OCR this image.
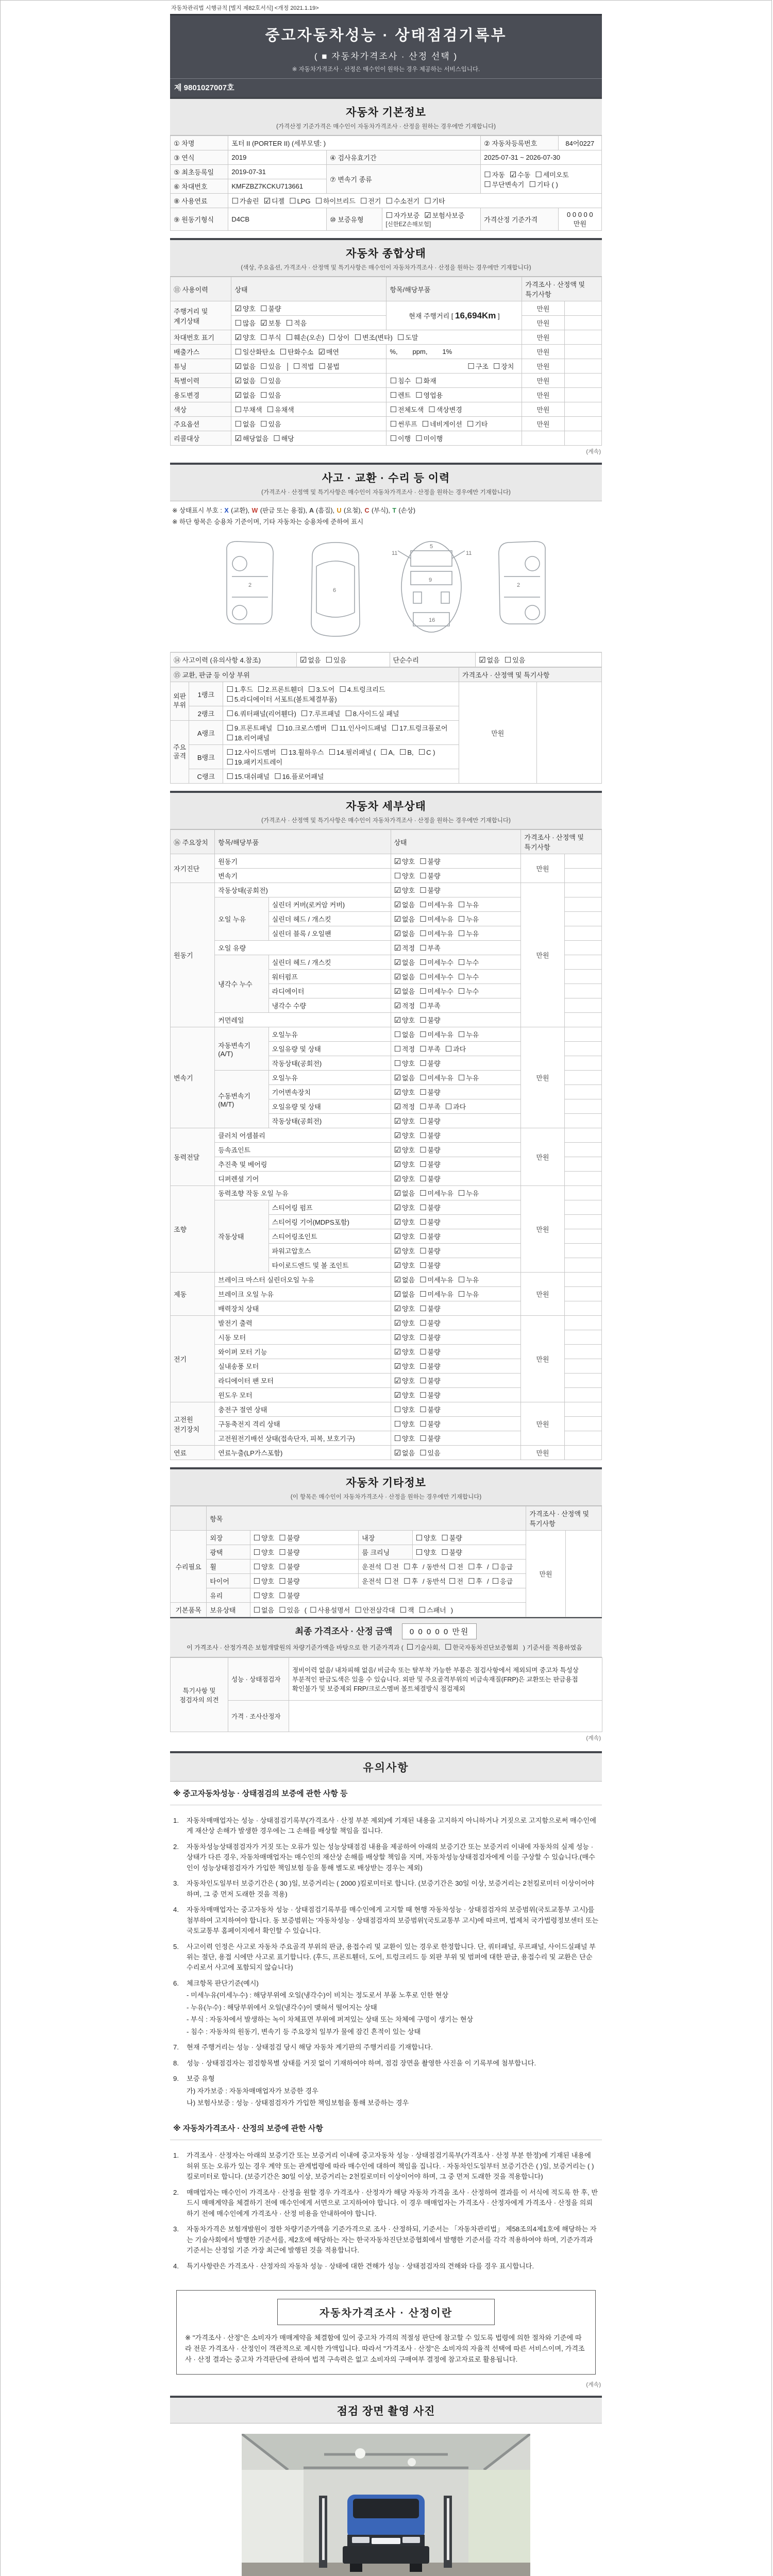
자동차관리법 시행규칙 [별지 제82호서식] <개정 2021.1.19>
중고자동차성능 · 상태점검기록부
( ■ 자동차가격조사 · 산정 선택 )
※ 자동차가격조사 · 산정은 매수인이 원하는 경우 제공하는 서비스입니다.
제 9801027007호
자동차 기본정보
(가격산정 기준가격은 매수인이 자동차가격조사 · 산정을 원하는 경우에만 기재합니다)
① 차명	포터 II (PORTER II) (세부모델: )			② 자동차등록번호	84어0227
③ 연식	2019	④ 검사유효기간		2025-07-31 ~ 2026-07-30	
⑤ 최초등록일	2019-07-31	⑦ 변속기 종류		☐ 자동 ☑ 수동 ☐ 세미오토☐ 무단변속기 ☐ 기타 ( )	
⑥ 차대번호	KMFZBZ7KCKU713661				
⑧ 사용연료	☐ 가솔린 ☑ 디젤 ☐ LPG ☐ 하이브리드 ☐ 전기 ☐ 수소전기 ☐ 기타				
⑨ 원동기형식	D4CB	⑩ 보증유형	☐ 자가보증 ☑ 보험사보증 [신한EZ손해보험]	가격산정 기준가격	0 0 0 0 0 만원
자동차 종합상태
(색상, 주요옵션, 가격조사 · 산정액 및 특기사항은 매수인이 자동차가격조사 · 산정을 원하는 경우에만 기재합니다)
⑪ 사용이력	상태	항목/해당부품	가격조사 · 산정액 및 특기사항	
주행거리 및 계기상태	☑ 양호 ☐ 불량	현재 주행거리 [ 16,694Km ]	만원	
	☐ 많음 ☑ 보통 ☐ 적음		만원	
차대번호 표기	☑ 양호 ☐ 부식 ☐ 훼손(오손) ☐ 상이 ☐ 변조(변타) ☐ 도말		만원	
배출가스	☐ 일산화탄소 ☐ 탄화수소 ☑ 매연	%,        ppm,        1%	만원	
튜닝	☑ 없음 ☐ 있음 │ ☐ 적법 ☐ 불법	☐ 구조 ☐ 장치	만원	
특별이력	☑ 없음 ☐ 있음	☐ 침수 ☐ 화재	만원	
용도변경	☑ 없음 ☐ 있음	☐ 렌트 ☐ 영업용	만원	
색상	☐ 무채색 ☐ 유채색	☐ 전체도색 ☐ 색상변경	만원	
주요옵션	☐ 없음 ☐ 있음	☐ 썬루프 ☐ 네비게이션 ☐ 기타	만원	
리콜대상	☑ 해당없음 ☐ 해당	☐ 이행 ☐ 미이행		
(계속)
사고 · 교환 · 수리 등 이력
(가격조사 · 산정액 및 특기사항은 매수인이 자동차가격조사 · 산정을 원하는 경우에만 기재합니다)
※ 상태표시 부호 : X (교환), W (판금 또는 용접), A (흠집), U (요철), C (부식), T (손상)
※ 하단 항목은 승용차 기준이며, 기타 자동차는 승용차에 준하여 표시
2
6
5
9
11	11
16
2
⑭ 사고이력 (유의사항 4.참조)	☑ 없음 ☐ 있음	단순수리	☑ 없음 ☐ 있음
⑮ 교환, 판금 등 이상 부위			가격조사 · 산정액 및 특기사항	
외판부위	1랭크	☐ 1.후드 ☐ 2.프론트휀더 ☐ 3.도어 ☐ 4.트렁크리드☐ 5.라디에이터 서포트(볼트체결부품)	만원	
	2랭크	☐ 6.쿼터패널(리어휀다) ☐ 7.루프패널 ☐ 8.사이드실 패널		
주요골격	A랭크	☐ 9.프론트패널 ☐ 10.크로스멤버 ☐ 11.인사이드패널 ☐ 17.트렁크플로어☐ 18.리어패널		
	B랭크	☐ 12.사이드멤버 ☐ 13.휠하우스 ☐ 14.필러패널 ( ☐ A, ☐ B, ☐ C )☐ 19.패키지트레이		
	C랭크	☐ 15.대쉬패널 ☐ 16.플로어패널		
자동차 세부상태
(가격조사 · 산정액 및 특기사항은 매수인이 자동차가격조사 · 산정을 원하는 경우에만 기재합니다)
⑯ 주요장치	항목/해당부품		상태	가격조사 · 산정액 및 특기사항	
자기진단	원동기		☑ 양호 ☐ 불량	만원	
	변속기		☐ 양호 ☐ 불량		
원동기	작동상태(공회전)		☑ 양호 ☐ 불량	만원	
	오일 누유	실린더 커버(로커암 커버)	☑ 없음 ☐ 미세누유 ☐ 누유		
		실린더 헤드 / 개스킷	☑ 없음 ☐ 미세누유 ☐ 누유		
		실린더 블록 / 오일팬	☑ 없음 ☐ 미세누유 ☐ 누유		
	오일 유량		☑ 적정 ☐ 부족		
	냉각수 누수	실린더 헤드 / 개스킷	☑ 없음 ☐ 미세누수 ☐ 누수		
		워터펌프	☑ 없음 ☐ 미세누수 ☐ 누수		
		라디에이터	☑ 없음 ☐ 미세누수 ☐ 누수		
		냉각수 수량	☑ 적정 ☐ 부족		
	커먼레일		☑ 양호 ☐ 불량		
변속기	자동변속기 (A/T)	오일누유	☐ 없음 ☐ 미세누유 ☐ 누유	만원	
		오일유량 및 상태	☐ 적정 ☐ 부족 ☐ 과다		
		작동상태(공회전)	☐ 양호 ☐ 불량		
	수동변속기 (M/T)	오일누유	☑ 없음 ☐ 미세누유 ☐ 누유		
		기어변속장치	☑ 양호 ☐ 불량		
		오일유량 및 상태	☑ 적정 ☐ 부족 ☐ 과다		
		작동상태(공회전)	☑ 양호 ☐ 불량		
동력전달	클러치 어셈블리		☑ 양호 ☐ 불량	만원	
	등속죠인트		☑ 양호 ☐ 불량		
	추진축 및 베어링		☑ 양호 ☐ 불량		
	디퍼렌셜 기어		☑ 양호 ☐ 불량		
조향	동력조향 작동 오일 누유		☑ 없음 ☐ 미세누유 ☐ 누유	만원	
	작동상태	스티어링 펌프	☑ 양호 ☐ 불량		
		스티어링 기어(MDPS포함)	☑ 양호 ☐ 불량		
		스티어링조인트	☑ 양호 ☐ 불량		
		파워고압호스	☑ 양호 ☐ 불량		
		타이로드엔드 및 볼 조인트	☑ 양호 ☐ 불량		
제동	브레이크 마스터 실린더오일 누유		☑ 없음 ☐ 미세누유 ☐ 누유	만원	
	브레이크 오일 누유		☑ 없음 ☐ 미세누유 ☐ 누유		
	배력장치 상태		☑ 양호 ☐ 불량		
전기	발전기 출력		☑ 양호 ☐ 불량	만원	
	시동 모터		☑ 양호 ☐ 불량		
	와이퍼 모터 기능		☑ 양호 ☐ 불량		
	실내송풍 모터		☑ 양호 ☐ 불량		
	라디에이터 팬 모터		☑ 양호 ☐ 불량		
	윈도우 모터		☑ 양호 ☐ 불량		
고전원 전기장치	충전구 절연 상태		☐ 양호 ☐ 불량	만원	
	구동축전지 격리 상태		☐ 양호 ☐ 불량		
	고전원전기배선 상태(접속단자, 피복, 보호기구)		☐ 양호 ☐ 불량		
연료	연료누출(LP가스포함)		☑ 없음 ☐ 있음	만원	
자동차 기타정보
(이 항목은 매수인이 자동차가격조사 · 산정을 원하는 경우에만 기재합니다)
	항목				가격조사 · 산정액 및 특기사항	
수리필요	외장	☐ 양호 ☐ 불량	내장	☐ 양호 ☐ 불량	만원	
	광택	☐ 양호 ☐ 불량	룸 크리닝	☐ 양호 ☐ 불량		
	휠	☐ 양호 ☐ 불량	운전석 ☐ 전 ☐ 후 / 동반석 ☐ 전 ☐ 후 / ☐ 응급			
	타이어	☐ 양호 ☐ 불량	운전석 ☐ 전 ☐ 후 / 동반석 ☐ 전 ☐ 후 / ☐ 응급			
	유리	☐ 양호 ☐ 불량				
기본품목	보유상태	☐ 없음 ☐ 있음 ( ☐ 사용설명서 ☐ 안전삼각대 ☐ 잭 ☐ 스패너 )				
최종 가격조사 · 산정 금액 0 0 0 0 0 만원
이 가격조사 · 산정가격은 보험개발원의 차량기준가액을 바탕으로 한 기준가격과 ( ☐ 기술사회, ☐ 한국자동차진단보증협회 ) 기준서를 적용하였음
특기사항 및 점검자의 의견	성능 · 상태점검자	정비이력 없음/ 내차피해 없음/ 비금속 또는 탈부착 가능한 부품은 점검사항에서 제외되며 중고차 특성상 부분적인 판금도색은 있을 수 있습니다. 외판 및 주요골격부위의 비금속재질(FRP)은 교환또는 판금용접 확인불가 및 보증제외 FRP/크로스멤버 볼트체결방식 점검제외
	가격 · 조사산정자	
(계속)
유의사항
※ 중고자동차성능 · 상태점검의 보증에 관한 사항 등
1.	자동차매매업자는 성능 · 상태점검기록부(가격조사 · 산정 부분 제외)에 기재된 내용을 고지하지 아니하거나 거짓으로 고지함으로써 매수인에게 재산상 손해가 발생한 경우에는 그 손해를 배상할 책임을 집니다.
2.	자동차성능상태점검자가 거짓 또는 오류가 있는 성능상태점검 내용을 제공하여 아래의 보증기간 또는 보증거리 이내에 자동차의 실제 성능 · 상태가 다른 경우, 자동차매매업자는 매수인의 재산상 손해를 배상할 책임을 지며, 자동차성능상태점검자에게 이를 구상할 수 있습니다.(매수인이 성능상태점검자가 가입한 책임보험 등을 통해 별도로 배상받는 경우는 제외)
3.	자동차인도일부터 보증기간은 ( 30 )일, 보증거리는 ( 2000 )킬로미터로 합니다. (보증기간은 30일 이상, 보증거리는 2천킬로미터 이상이어야 하며, 그 중 먼저 도래한 것을 적용)
4.	자동차매매업자는 중고자동차 성능 · 상태점검기록부를 매수인에게 고지할 때 현행 자동차성능 · 상태점검자의 보증범위(국토교통부 고시)를 첨부하여 고지하여야 합니다. 동 보증범위는 '자동차성능 · 상태점검자의 보증범위'(국토교통부 고시)에 따르며, 법제처 국가법령정보센터 또는 국토교통부 홈페이지에서 확인할 수 있습니다.
5.	사고이력 인정은 사고로 자동차 주요골격 부위의 판금, 용접수리 및 교환이 있는 경우로 한정합니다. 단, 쿼터패널, 루프패널, 사이드실패널 부위는 절단, 용접 시에만 사고로 표기합니다. (후드, 프론트휀더, 도어, 트렁크리드 등 외판 부위 및 범퍼에 대한 판금, 용접수리 및 교환은 단순수리로서 사고에 포함되지 않습니다)
6.	체크항목 판단기준(예시)
- 미세누유(미세누수) : 해당부위에 오일(냉각수)이 비치는 정도로서 부품 노후로 인한 현상
- 누유(누수) : 해당부위에서 오일(냉각수)이 맺혀서 떨어지는 상태
- 부식 : 자동차에서 발생하는 녹이 차체표면 부위에 퍼져있는 상태 또는 차체에 구멍이 생기는 현상
- 침수 : 자동차의 원동기, 변속기 등 주요장치 일부가 물에 잠긴 흔적이 있는 상태
7.	현재 주행거리는 성능 · 상태점검 당시 해당 자동차 계기판의 주행거리를 기재합니다.
8.	성능 · 상태점검자는 점검항목별 상태를 거짓 없이 기재하여야 하며, 점검 장면을 촬영한 사진을 이 기록부에 첨부합니다.
9.	보증 유형
가) 자가보증 : 자동차매매업자가 보증한 경우
나) 보험사보증 : 성능 · 상태점검자가 가입한 책임보험을 통해 보증하는 경우
※ 자동차가격조사 · 산정의 보증에 관한 사항
1.	가격조사 · 산정자는 아래의 보증기간 또는 보증거리 이내에 중고자동차 성능 · 상태점검기록부(가격조사 · 산정 부분 한정)에 기재된 내용에 허위 또는 오류가 있는 경우 계약 또는 관계법령에 따라 매수인에 대하여 책임을 집니다. · 자동차인도일부터 보증기간은 ( )일, 보증거리는 ( )킬로미터로 합니다. (보증기간은 30일 이상, 보증거리는 2천킬로미터 이상이어야 하며, 그 중 먼저 도래한 것을 적용합니다)
2.	매매업자는 매수인이 가격조사 · 산정을 원할 경우 가격조사 · 산정자가 해당 자동차 가격을 조사 · 산정하여 결과를 이 서식에 적도록 한 후, 반드시 매매계약을 체결하기 전에 매수인에게 서면으로 고지하여야 합니다. 이 경우 매매업자는 가격조사 · 산정자에게 가격조사 · 산정을 의뢰하기 전에 매수인에게 가격조사 · 산정 비용을 안내하여야 합니다.
3.	자동차가격은 보험개발원이 정한 차량기준가액을 기준가격으로 조사 · 산정하되, 기준서는 「자동차관리법」 제58조의4제1호에 해당하는 자는 기술사회에서 발행한 기준서를, 제2호에 해당하는 자는 한국자동차진단보증협회에서 발행한 기준서를 각각 적용하여야 하며, 기준가격과 기준서는 산정일 기준 가장 최근에 발행된 것을 적용합니다.
4.	특기사항란은 가격조사 · 산정자의 자동차 성능 · 상태에 대한 견해가 성능 · 상태점검자의 견해와 다를 경우 표시합니다.
자동차가격조사 · 산정이란
※ "가격조사 · 산정"은 소비자가 매매계약을 체결함에 있어 중고차 가격의 적절성 판단에 참고할 수 있도록 법령에 의한 절차와 기준에 따라 전문 가격조사 · 산정인이 객관적으로 제시한 가액입니다. 따라서 "가격조사 · 산정"은 소비자의 자율적 선택에 따른 서비스이며, 가격조사 · 산정 결과는 중고차 가격판단에 관하여 법적 구속력은 없고 소비자의 구매여부 결정에 참고자료로 활용됩니다.
(계속)
점검 장면 촬영 사진
